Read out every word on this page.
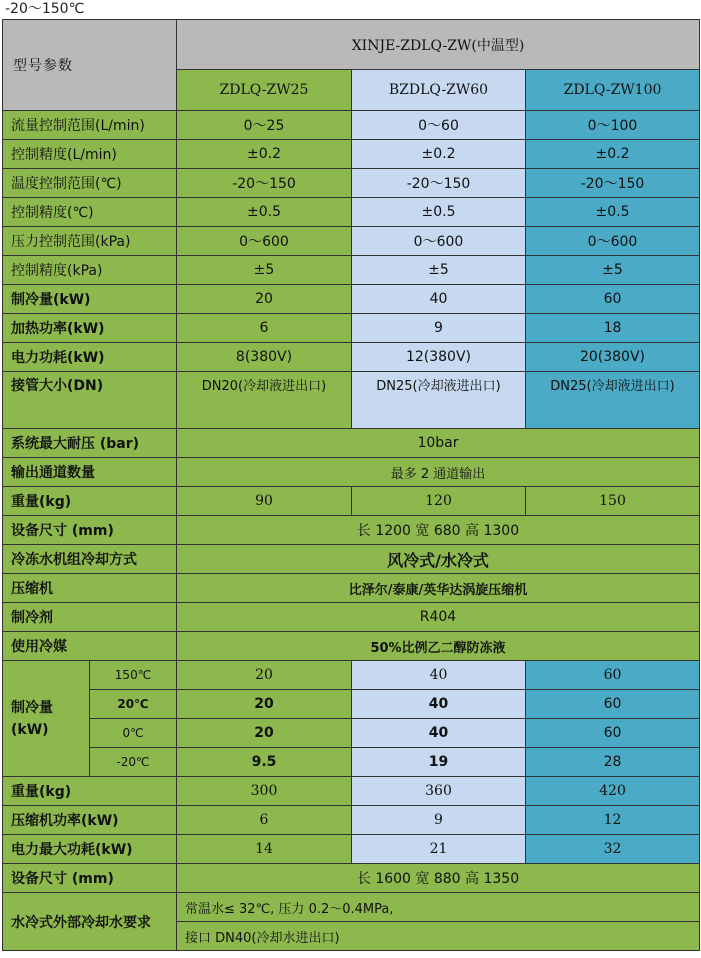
-20～150℃
型号参数		XINJE-ZDLQ-ZW(中温型)		
		ZDLQ-ZW25	BZDLQ-ZW60	ZDLQ-ZW100
流量控制范围(L/min)		0～25	0～60	0～100
控制精度(L/min)		±0.2	±0.2	±0.2
温度控制范围(℃)		-20～150	-20～150	-20～150
控制精度(℃)		±0.5	±0.5	±0.5
压力控制范围(kPa)		0～600	0～600	0～600
控制精度(kPa)		±5	±5	±5
制冷量(kW)		20	40	60
加热功率(kW)		6	9	18
电力功耗(kW)		8(380V)	12(380V)	20(380V)
接管大小(DN)		DN20(冷却液进出口)	DN25(冷却液进出口)	DN25(冷却液进出口)
系统最大耐压 (bar)		10bar		
输出通道数量		最多 2 通道输出		
重量(kg)		90	120	150
设备尺寸 (mm)		长 1200 宽 680 高 1300		
冷冻水机组冷却方式		风冷式/水冷式		
压缩机		比泽尔/泰康/英华达涡旋压缩机		
制冷剂		R404		
使用冷媒		50%比例乙二醇防冻液		
制冷量
(kW)	150℃	20	40	60
	20℃	20	40	60
	0℃	20	40	60
	-20℃	9.5	19	28
重量(kg)		300	360	420
压缩机功率(kW)		6	9	12
电力最大功耗(kW)		14	21	32
设备尺寸 (mm)		长 1600 宽 880 高 1350		
水冷式外部冷却水要求		常温水≤ 32℃, 压力 0.2～0.4MPa,		
		接口 DN40(冷却水进出口)		
